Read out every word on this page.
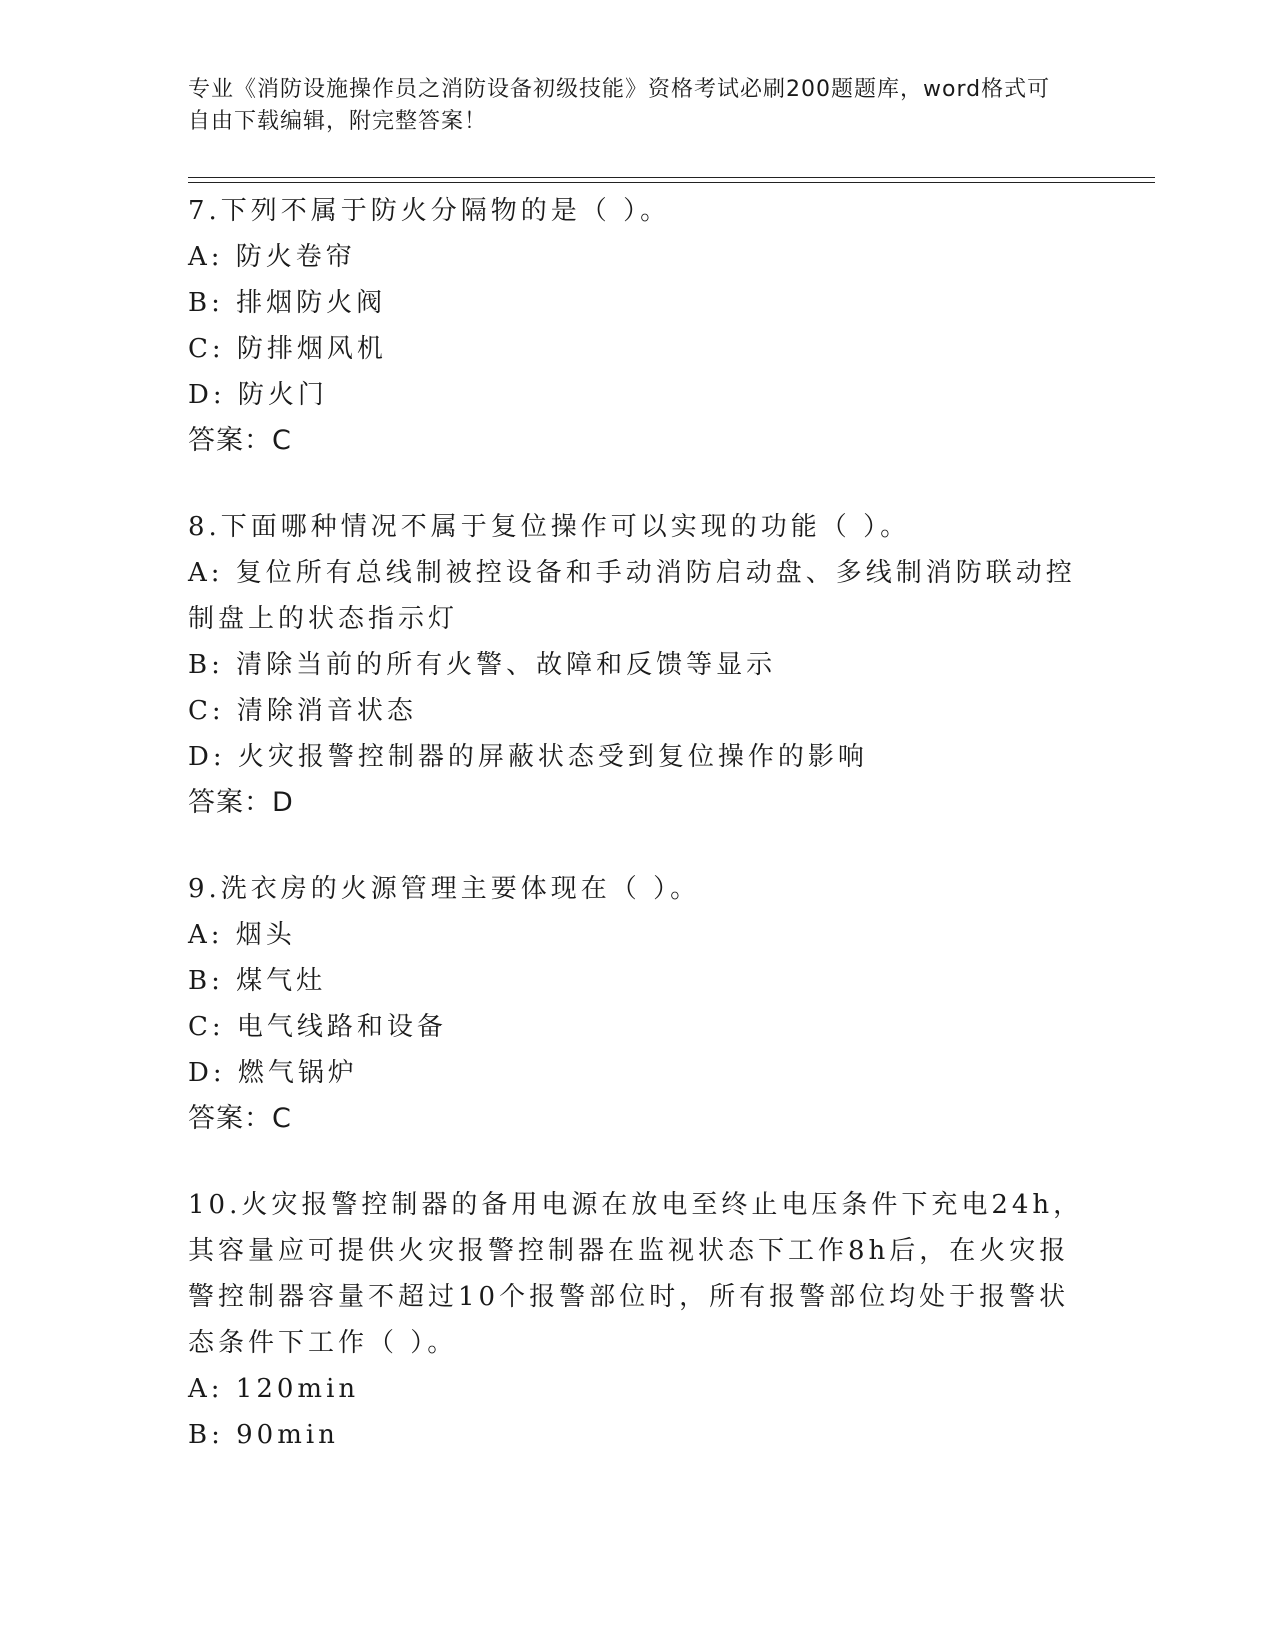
专业《消防设施操作员之消防设备初级技能》资格考试必刷200题题库，word格式可自由下载编辑，附完整答案！

7.下列不属于防火分隔物的是（ ）。

A: 防火卷帘

B: 排烟防火阀

C: 防排烟风机

D: 防火门

答案：C

8.下面哪种情况不属于复位操作可以实现的功能（ ）。

A: 复位所有总线制被控设备和手动消防启动盘、多线制消防联动控制盘上的状态指示灯

B: 清除当前的所有火警、故障和反馈等显示

C: 清除消音状态

D: 火灾报警控制器的屏蔽状态受到复位操作的影响

答案：D

9.洗衣房的火源管理主要体现在（ ）。

A: 烟头

B: 煤气灶

C: 电气线路和设备

D: 燃气锅炉

答案：C

10.火灾报警控制器的备用电源在放电至终止电压条件下充电24h，其容量应可提供火灾报警控制器在监视状态下工作8h后，在火灾报警控制器容量不超过10个报警部位时，所有报警部位均处于报警状态条件下工作（ ）。

A: 120min

B: 90min
